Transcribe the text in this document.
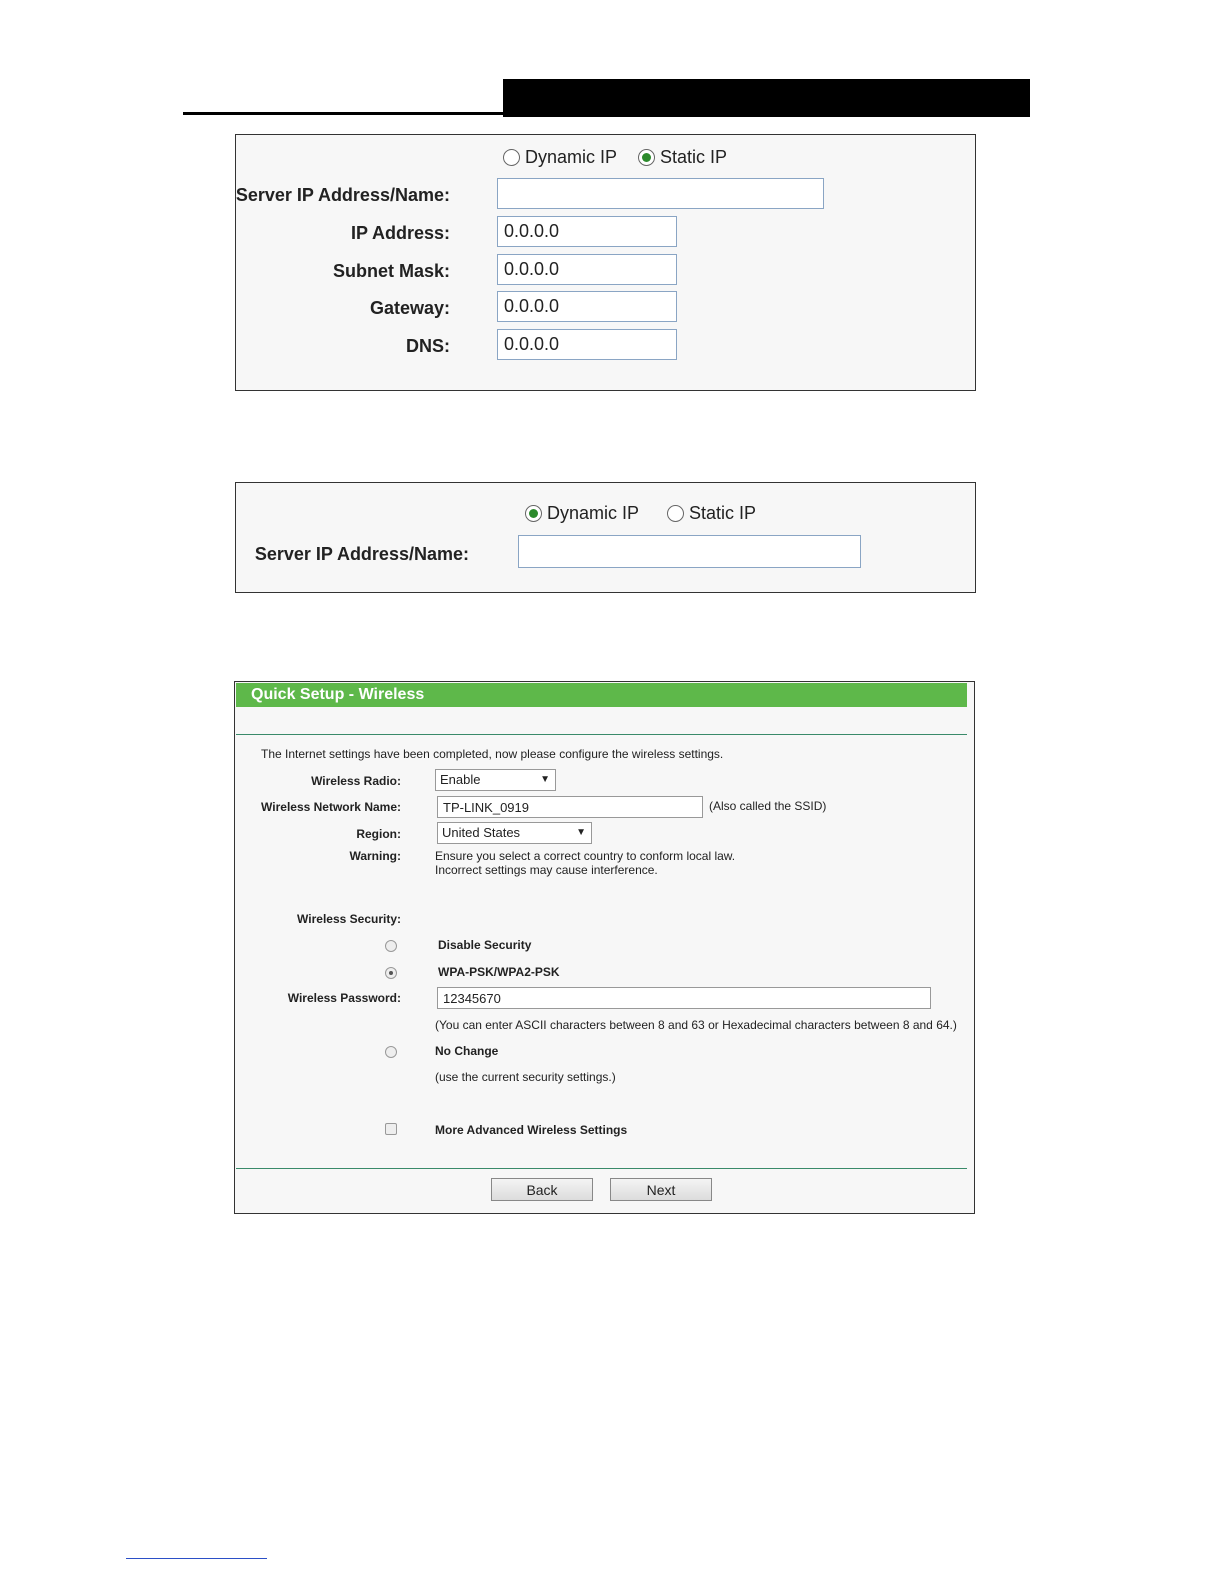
Dynamic IP Static IP
Server IP Address/Name:
IP Address:
0.0.0.0
Subnet Mask:
0.0.0.0
Gateway:
0.0.0.0
DNS:
0.0.0.0
Dynamic IP	Static IP
Server IP Address/Name:
Quick Setup - Wireless
The Internet settings have been completed, now please configure the wireless settings.
Wireless Radio:	Enable	▼
Wireless Network Name:
TP-LINK_0919	(Also called the SSID)
Region:	United States	▼
Warning:	Ensure you select a correct country to conform local law.
Incorrect settings may cause interference.
Wireless Security:
Disable Security
WPA-PSK/WPA2-PSK
Wireless Password:
12345670
(You can enter ASCII characters between 8 and 63 or Hexadecimal characters between 8 and 64.)
No Change
(use the current security settings.)
More Advanced Wireless Settings
Back	Next
